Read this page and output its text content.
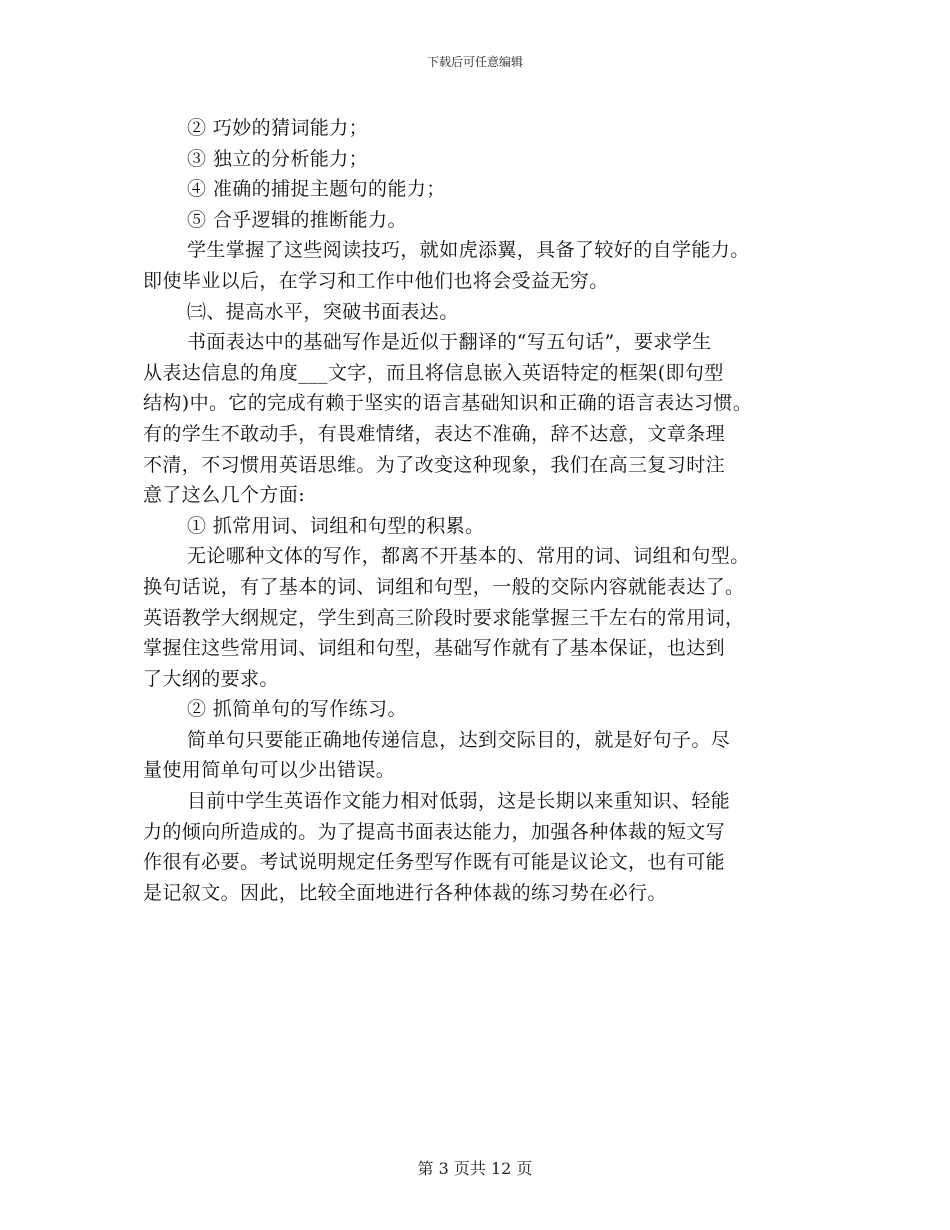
下载后可任意编辑

② 巧妙的猜词能力；

③ 独立的分析能力；

④ 准确的捕捉主题句的能力；

⑤ 合乎逻辑的推断能力。

学生掌握了这些阅读技巧，就如虎添翼，具备了较好的自学能力。

即使毕业以后，在学习和工作中他们也将会受益无穷。

㈢、提高水平，突破书面表达。

书面表达中的基础写作是近似于翻译的“写五句话”，要求学生

从表达信息的角度___文字，而且将信息嵌入英语特定的框架(即句型

结构)中。它的完成有赖于坚实的语言基础知识和正确的语言表达习惯。

有的学生不敢动手，有畏难情绪，表达不准确，辞不达意，文章条理

不清，不习惯用英语思维。为了改变这种现象，我们在高三复习时注

意了这么几个方面:

① 抓常用词、词组和句型的积累。

无论哪种文体的写作，都离不开基本的、常用的词、词组和句型。

换句话说，有了基本的词、词组和句型，一般的交际内容就能表达了。

英语教学大纲规定，学生到高三阶段时要求能掌握三千左右的常用词，

掌握住这些常用词、词组和句型，基础写作就有了基本保证，也达到

了大纲的要求。

② 抓简单句的写作练习。

简单句只要能正确地传递信息，达到交际目的，就是好句子。尽

量使用简单句可以少出错误。

目前中学生英语作文能力相对低弱，这是长期以来重知识、轻能

力的倾向所造成的。为了提高书面表达能力，加强各种体裁的短文写

作很有必要。考试说明规定任务型写作既有可能是议论文，也有可能

是记叙文。因此，比较全面地进行各种体裁的练习势在必行。

第 3 页共 12 页
